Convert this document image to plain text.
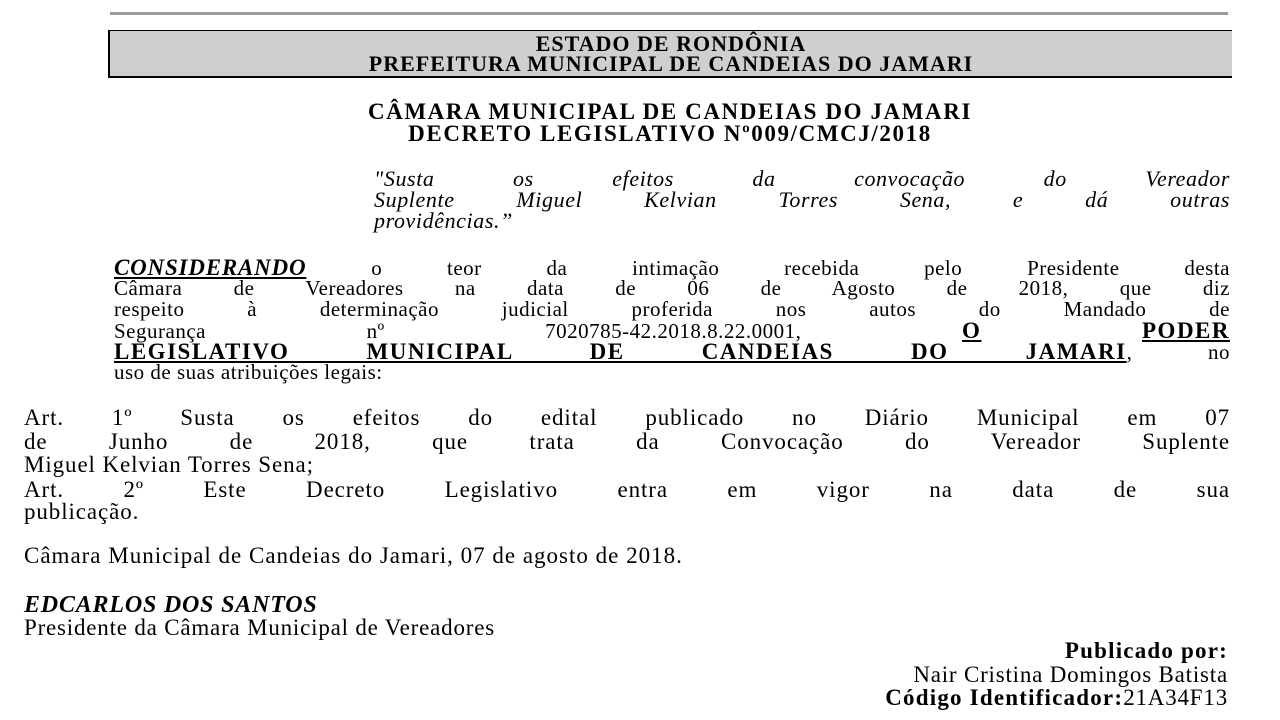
ESTADO DE RONDÔNIA
PREFEITURA MUNICIPAL DE CANDEIAS DO JAMARI
CÂMARA MUNICIPAL DE CANDEIAS DO JAMARI
DECRETO LEGISLATIVO Nº009/CMCJ/2018
"Susta os efeitos da convocação do Vereador
Suplente Miguel Kelvian Torres Sena, e dá outras
providências.”
CONSIDERANDO	o teor da intimação recebida pelo Presidente desta
Câmara de Vereadores na data de 06 de Agosto de 2018, que diz
respeito à determinação judicial proferida nos autos do Mandado de
Segurança	nº	7020785-42.2018.8.22.0001,	O	PODER
LEGISLATIVO MUNICIPAL DE CANDEIAS DO JAMARI, no
uso de suas atribuições legais:
Art. 1º Susta os efeitos do edital publicado no Diário Municipal em 07
de Junho de 2018, que trata da Convocação do Vereador Suplente
Miguel Kelvian Torres Sena;
Art. 2º Este Decreto Legislativo entra em vigor na data de sua
publicação.
Câmara Municipal de Candeias do Jamari, 07 de agosto de 2018.
EDCARLOS DOS SANTOS
Presidente da Câmara Municipal de Vereadores
Publicado por:
Nair Cristina Domingos Batista
Código Identificador:21A34F13
